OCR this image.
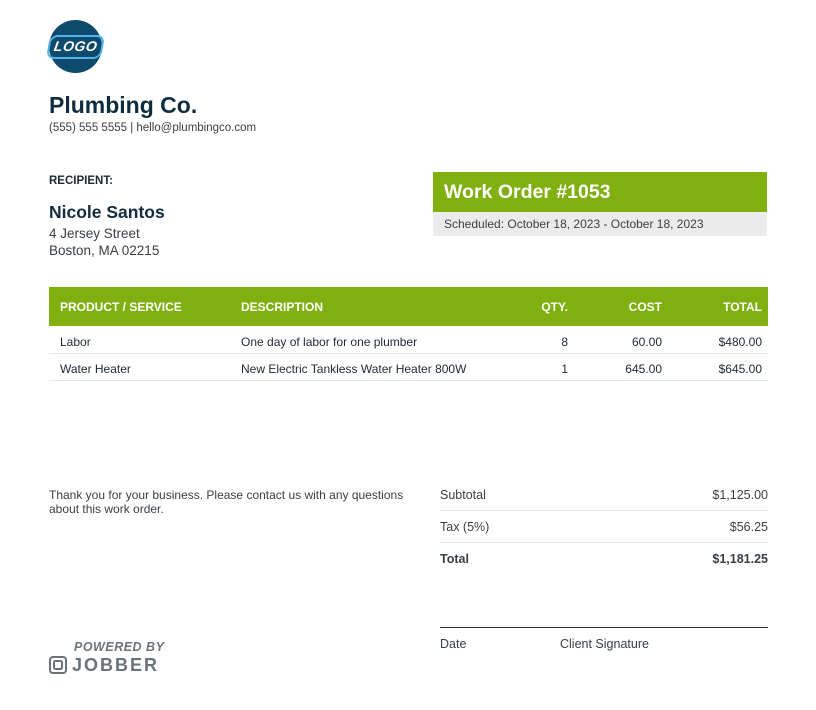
LOGO
Plumbing Co.
(555) 555 5555 | hello@plumbingco.com
RECIPIENT:
Nicole Santos
4 Jersey Street
Boston, MA 02215
Work Order #1053
Scheduled: October 18, 2023 - October 18, 2023
PRODUCT / SERVICE	DESCRIPTION	QTY.	COST	TOTAL
Labor	One day of labor for one plumber	8	60.00	$480.00
Water Heater	New Electric Tankless Water Heater 800W	1	645.00	$645.00
Thank you for your business. Please contact us with any questions about this work order.
Subtotal	$1,125.00
Tax (5%)	$56.25
Total	$1,181.25
Date	Client Signature
POWERED BY
JOBBER
